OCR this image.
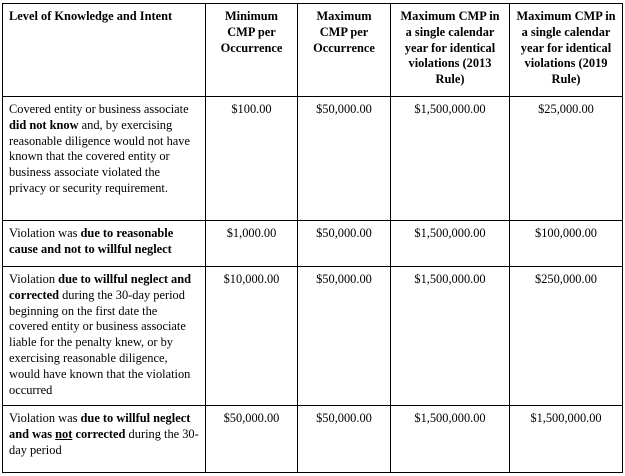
Level of Knowledge and Intent	Minimum CMP per Occurrence	Maximum CMP per Occurrence	Maximum CMP in a single calendar year for identical violations (2013 Rule)	Maximum CMP in a single calendar year for identical violations (2019 Rule)
Covered entity or business associate did not know and, by exercising reasonable diligence would not have known that the covered entity or business associate violated the privacy or security requirement.	$100.00	$50,000.00	$1,500,000.00	$25,000.00
Violation was due to reasonable cause and not to willful neglect	$1,000.00	$50,000.00	$1,500,000.00	$100,000.00
Violation due to willful neglect and corrected during the 30-day period beginning on the first date the covered entity or business associate liable for the penalty knew, or by exercising reasonable diligence, would have known that the violation occurred	$10,000.00	$50,000.00	$1,500,000.00	$250,000.00
Violation was due to willful neglect and was not corrected during the 30-day period	$50,000.00	$50,000.00	$1,500,000.00	$1,500,000.00
